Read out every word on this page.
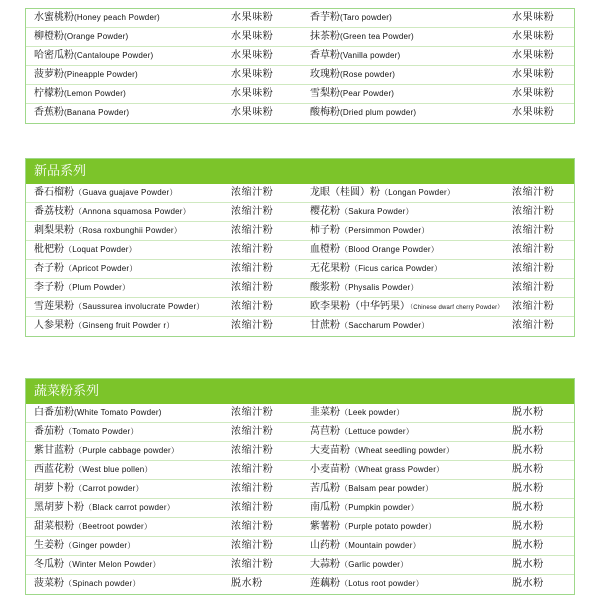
水蜜桃粉(Honey peach Powder)	水果味粉	香芋粉(Taro powder)	水果味粉
柳橙粉(Orange Powder)	水果味粉	抹茶粉(Green tea Powder)	水果味粉
哈密瓜粉(Cantaloupe Powder)	水果味粉	香草粉(Vanilla powder)	水果味粉
菠萝粉(Pineapple Powder)	水果味粉	玫瑰粉(Rose powder)	水果味粉
柠檬粉(Lemon Powder)	水果味粉	雪梨粉(Pear Powder)	水果味粉
香蕉粉(Banana Powder)	水果味粉	酸梅粉(Dried plum powder)	水果味粉
新品系列
番石榴粉（Guava guajave Powder）	浓缩汁粉	龙眼（桂圆）粉（Longan Powder）	浓缩汁粉
番荔枝粉（Annona squamosa Powder）	浓缩汁粉	樱花粉（Sakura Powder）	浓缩汁粉
刺梨果粉（Rosa roxbunghii Powder）	浓缩汁粉	柿子粉（Persimmon Powder）	浓缩汁粉
枇杷粉（Loquat Powder）	浓缩汁粉	血橙粉（Blood Orange Powder）	浓缩汁粉
杏子粉（Apricot Powder）	浓缩汁粉	无花果粉（Ficus carica Powder）	浓缩汁粉
李子粉（Plum Powder）	浓缩汁粉	酸浆粉（Physalis Powder）	浓缩汁粉
雪莲果粉（Saussurea involucrate Powder）	浓缩汁粉	欧李果粉（中华钙果）（Chinese dwarf cherry Powder） 浓缩汁粉
人参果粉（Ginseng fruit Powder r）	浓缩汁粉	甘蔗粉（Saccharum Powder）	浓缩汁粉
蔬菜粉系列
白番茄粉(White Tomato Powder)	浓缩汁粉	韭菜粉（Leek powder）	脱水粉
番茄粉（Tomato Powder）	浓缩汁粉	莴苣粉（Lettuce powder）	脱水粉
紫甘蓝粉（Purple cabbage powder）	浓缩汁粉	大麦苗粉（Wheat seedling powder）	脱水粉
西蓝花粉（West blue pollen）	浓缩汁粉	小麦苗粉（Wheat grass Powder）	脱水粉
胡萝卜粉（Carrot powder）	浓缩汁粉	苦瓜粉（Balsam pear powder）	脱水粉
黑胡萝卜粉（Black carrot powder）	浓缩汁粉	南瓜粉（Pumpkin powder）	脱水粉
甜菜根粉（Beetroot powder）	浓缩汁粉	紫薯粉（Purple potato powder）	脱水粉
生姜粉（Ginger powder）	浓缩汁粉	山药粉（Mountain powder）	脱水粉
冬瓜粉（Winter Melon Powder）	浓缩汁粉	大蒜粉（Garlic powder）	脱水粉
菠菜粉（Spinach powder）	脱水粉	莲藕粉（Lotus root powder）	脱水粉
